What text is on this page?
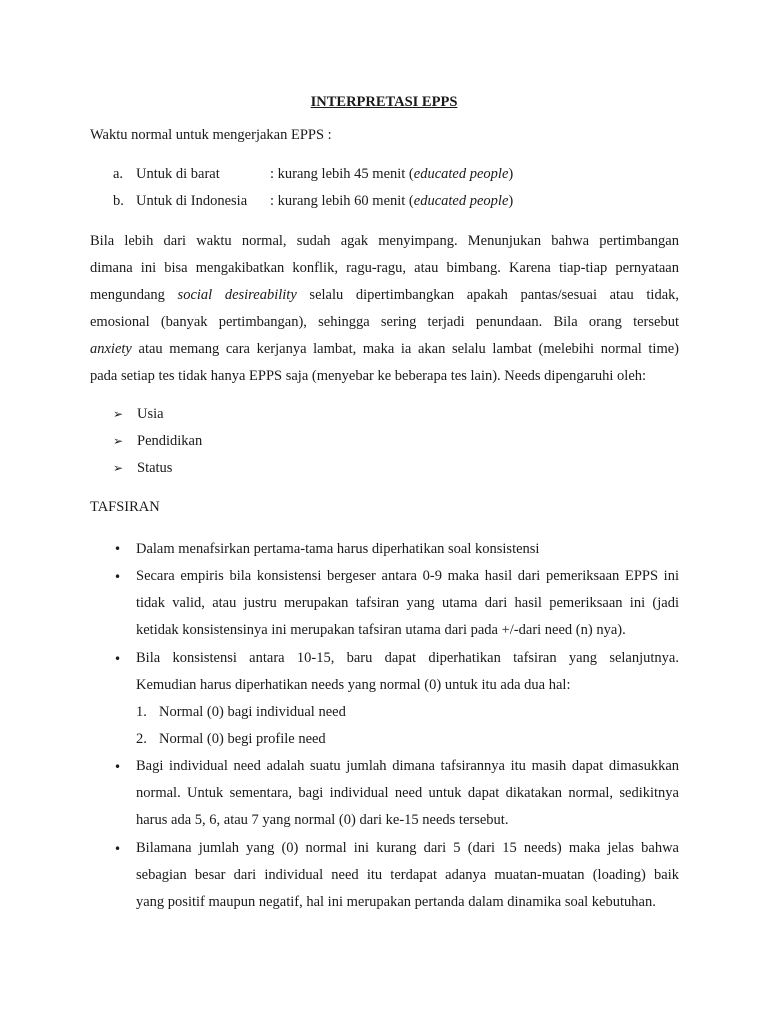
INTERPRETASI EPPS
Waktu normal untuk mengerjakan EPPS :
a. Untuk di barat	: kurang lebih 45 menit (educated people)
b. Untuk di Indonesia : kurang lebih 60 menit (educated people)
Bila lebih dari waktu normal, sudah agak menyimpang. Menunjukan bahwa pertimbangan
dimana ini bisa mengakibatkan konflik, ragu-ragu, atau bimbang. Karena tiap-tiap pernyataan
mengundang social desireability selalu dipertimbangkan apakah pantas/sesuai atau tidak,
emosional (banyak pertimbangan), sehingga sering terjadi penundaan. Bila orang tersebut
anxiety atau memang cara kerjanya lambat, maka ia akan selalu lambat (melebihi normal time)
pada setiap tes tidak hanya EPPS saja (menyebar ke beberapa tes lain). Needs dipengaruhi oleh:
➢ Usia
➢ Pendidikan
➢ Status
TAFSIRAN
• Dalam menafsirkan pertama-tama harus diperhatikan soal konsistensi
• Secara empiris bila konsistensi bergeser antara 0-9 maka hasil dari pemeriksaan EPPS ini
tidak valid, atau justru merupakan tafsiran yang utama dari hasil pemeriksaan ini (jadi
ketidak konsistensinya ini merupakan tafsiran utama dari pada +/-dari need (n) nya).
• Bila konsistensi antara 10-15, baru dapat diperhatikan tafsiran yang selanjutnya.
Kemudian harus diperhatikan needs yang normal (0) untuk itu ada dua hal:
1. Normal (0) bagi individual need
2. Normal (0) begi profile need
• Bagi individual need adalah suatu jumlah dimana tafsirannya itu masih dapat dimasukkan
normal. Untuk sementara, bagi individual need untuk dapat dikatakan normal, sedikitnya
harus ada 5, 6, atau 7 yang normal (0) dari ke-15 needs tersebut.
• Bilamana jumlah yang (0) normal ini kurang dari 5 (dari 15 needs) maka jelas bahwa
sebagian besar dari individual need itu terdapat adanya muatan-muatan (loading) baik
yang positif maupun negatif, hal ini merupakan pertanda dalam dinamika soal kebutuhan.
